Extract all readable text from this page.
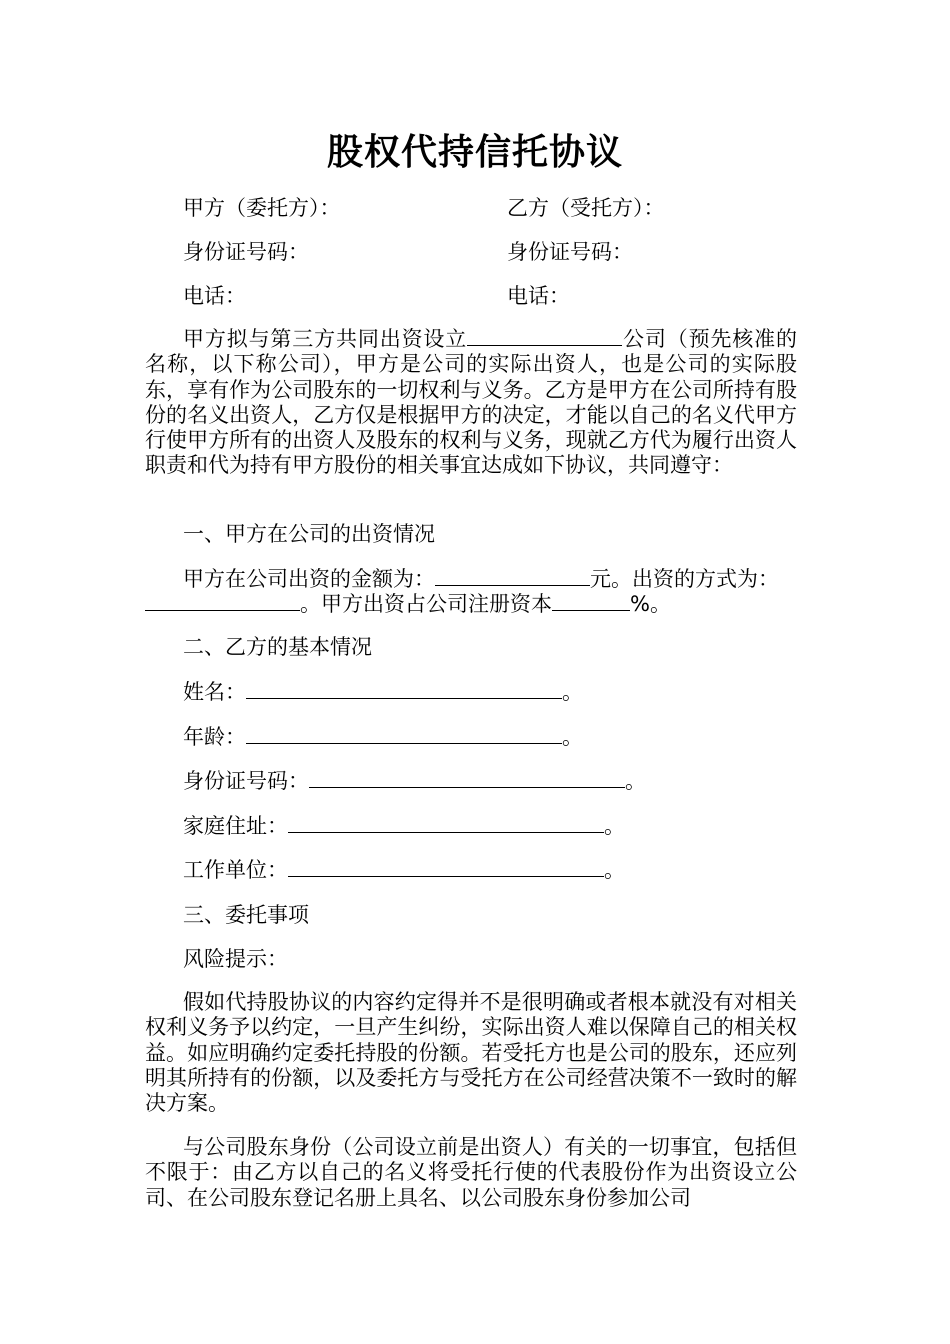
股权代持信托协议
甲方（委托方）：	乙方（受托方）：
身份证号码：	身份证号码：
电话：	电话：
甲方拟与第三方共同出资设立	公司（预先核准的名称，以下称公司），甲方是公司的实际出资人，也是公司的实际股东，享有作为公司股东的一切权利与义务。乙方是甲方在公司所持有股份的名义出资人，乙方仅是根据甲方的决定，才能以自己的名义代甲方行使甲方所有的出资人及股东的权利与义务，现就乙方代为履行出资人职责和代为持有甲方股份的相关事宜达成如下协议，共同遵守：
一、甲方在公司的出资情况
甲方在公司出资的金额为：	元。出资的方式为：
。甲方出资占公司注册资本	%。
二、乙方的基本情况
姓名：	。
年龄：	。
身份证号码：	。
家庭住址：	。
工作单位：	。
三、委托事项
风险提示：
假如代持股协议的内容约定得并不是很明确或者根本就没有对相关权利义务予以约定，一旦产生纠纷，实际出资人难以保障自己的相关权益。如应明确约定委托持股的份额。若受托方也是公司的股东，还应列明其所持有的份额，以及委托方与受托方在公司经营决策不一致时的解决方案。
与公司股东身份（公司设立前是出资人）有关的一切事宜，包括但不限于：由乙方以自己的名义将受托行使的代表股份作为出资设立公司、在公司股东登记名册上具名、以公司股东身份参加公司
